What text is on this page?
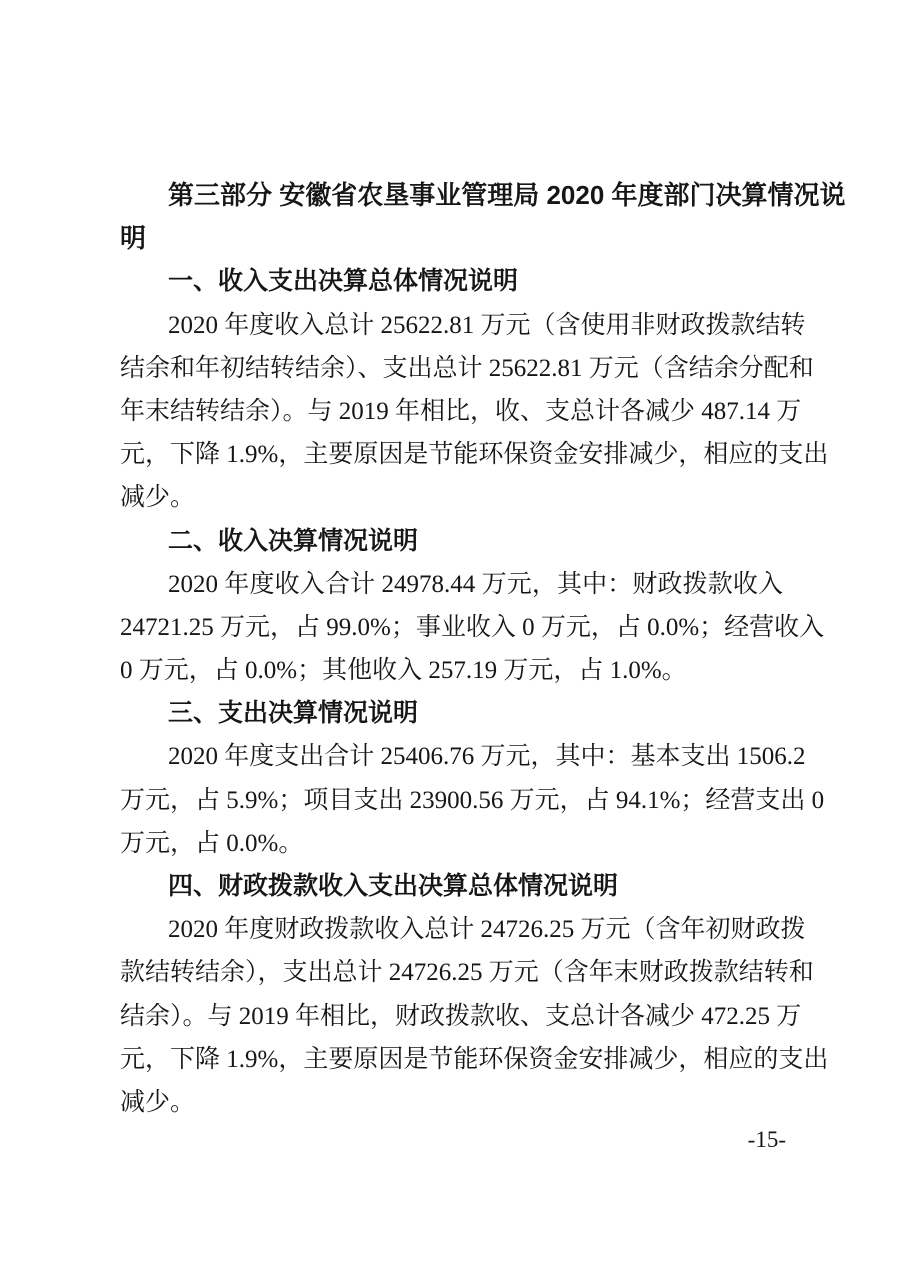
第三部分 安徽省农垦事业管理局 2020 年度部门决算情况说
明
一、收入支出决算总体情况说明
2020 年度收入总计 25622.81 万元（含使用非财政拨款结转
结余和年初结转结余）、支出总计 25622.81 万元（含结余分配和
年末结转结余）。与 2019 年相比，收、支总计各减少 487.14 万
元，下降 1.9%，主要原因是节能环保资金安排减少，相应的支出
减少。
二、收入决算情况说明
2020 年度收入合计 24978.44 万元，其中：财政拨款收入
24721.25 万元，占 99.0%；事业收入 0 万元，占 0.0%；经营收入
0 万元，占 0.0%；其他收入 257.19 万元，占 1.0%。
三、支出决算情况说明
2020 年度支出合计 25406.76 万元，其中：基本支出 1506.2
万元，占 5.9%；项目支出 23900.56 万元，占 94.1%；经营支出 0
万元，占 0.0%。
四、财政拨款收入支出决算总体情况说明
2020 年度财政拨款收入总计 24726.25 万元（含年初财政拨
款结转结余），支出总计 24726.25 万元（含年末财政拨款结转和
结余）。与 2019 年相比，财政拨款收、支总计各减少 472.25 万
元，下降 1.9%，主要原因是节能环保资金安排减少，相应的支出
减少。
-15-
